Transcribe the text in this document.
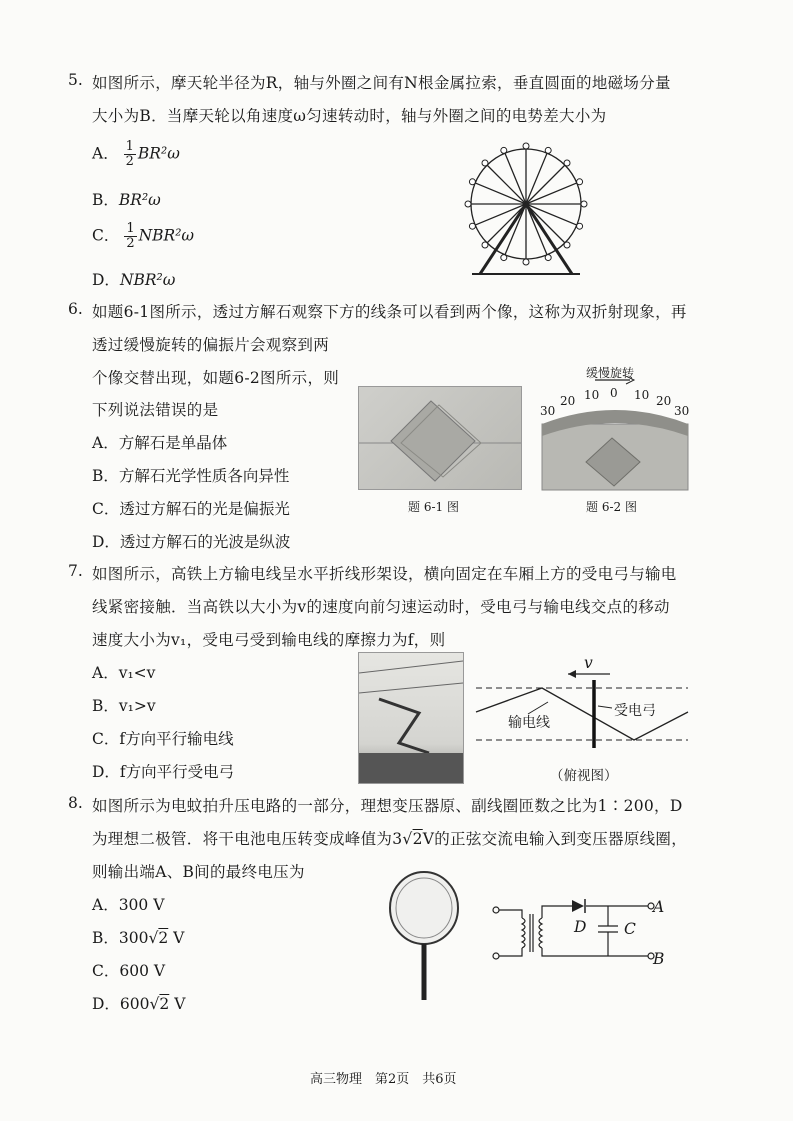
5. 如图所示，摩天轮半径为R，轴与外圈之间有N根金属拉索，垂直圆面的地磁场分量
大小为B．当摩天轮以角速度ω匀速转动时，轴与外圈之间的电势差大小为
A． $\frac{1}{2} BR^2\omega$
B．BR²ω
C． $\frac{1}{2} NBR^2\omega$
D．NBR²ω
6. 如题6-1图所示，透过方解石观察下方的线条可以看到两个像，这称为双折射现象，再
透过缓慢旋转的偏振片会观察到两
个像交替出现，如题6-2图所示，则
下列说法错误的是
A．方解石是单晶体
B．方解石光学性质各向异性
C．透过方解石的光是偏振光
D．透过方解石的光波是纵波
题 6-1 图
缓慢旋转
30
20 10 0 10 20
30
题 6-2 图
7. 如图所示，高铁上方输电线呈水平折线形架设，横向固定在车厢上方的受电弓与输电
线紧密接触．当高铁以大小为v的速度向前匀速运动时，受电弓与输电线交点的移动
速度大小为v₁，受电弓受到输电线的摩擦力为f，则
A．v₁<v
B．v₁>v
C．f方向平行输电线
D．f方向平行受电弓
v
输电线
受电弓
（俯视图）
8. 如图所示为电蚊拍升压电路的一部分，理想变压器原、副线圈匝数之比为1∶200，D
为理想二极管．将干电池电压转变成峰值为3√2V的正弦交流电输入到变压器原线圈，
则输出端A、B间的最终电压为
A．300 V
B．300√2 V
C．600 V
D．600√2 V
A
B
D C
高三物理　第2页　共6页
